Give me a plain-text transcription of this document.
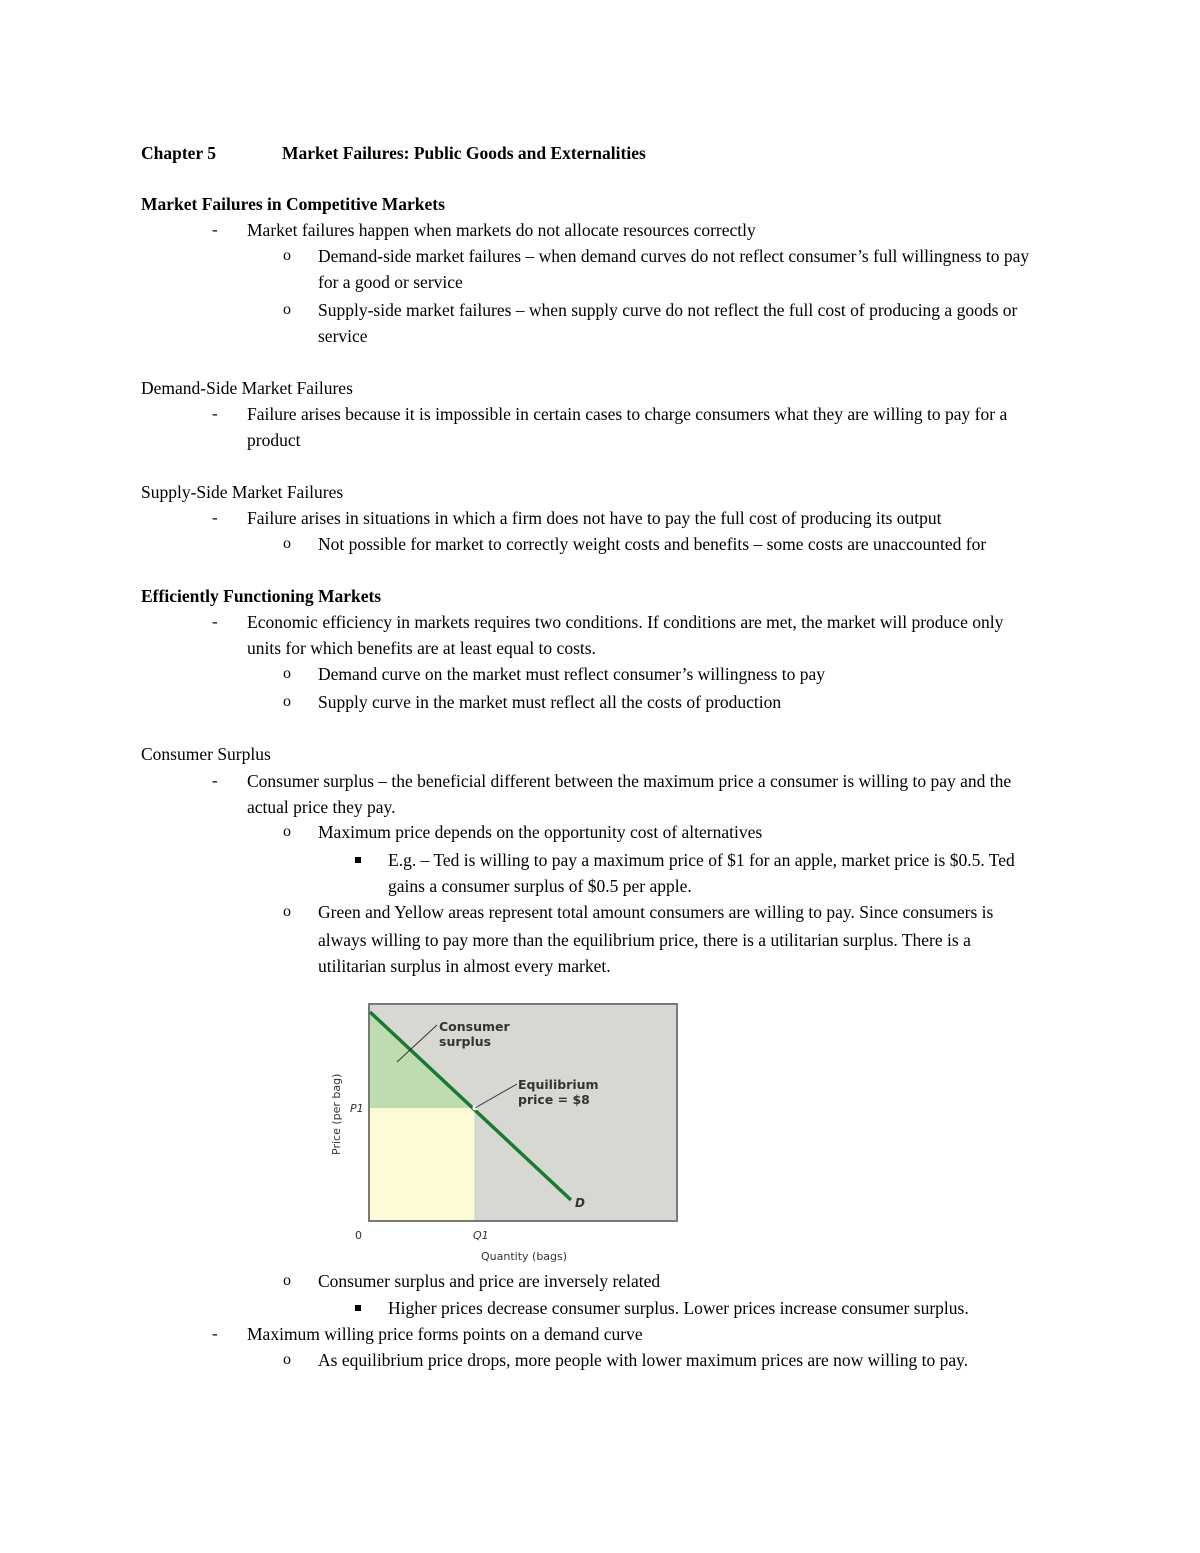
Chapter 5	Market Failures: Public Goods and Externalities
Market Failures in Competitive Markets
- Market failures happen when markets do not allocate resources correctly
o Demand-side market failures – when demand curves do not reflect consumer’s full willingness to pay
for a good or service
o Supply-side market failures – when supply curve do not reflect the full cost of producing a goods or
service
Demand-Side Market Failures
- Failure arises because it is impossible in certain cases to charge consumers what they are willing to pay for a
product
Supply-Side Market Failures
- Failure arises in situations in which a firm does not have to pay the full cost of producing its output
o Not possible for market to correctly weight costs and benefits – some costs are unaccounted for
Efficiently Functioning Markets
- Economic efficiency in markets requires two conditions. If conditions are met, the market will produce only
units for which benefits are at least equal to costs.
o Demand curve on the market must reflect consumer’s willingness to pay
o Supply curve in the market must reflect all the costs of production
Consumer Surplus
- Consumer surplus – the beneficial different between the maximum price a consumer is willing to pay and the
actual price they pay.
o Maximum price depends on the opportunity cost of alternatives
E.g. – Ted is willing to pay a maximum price of $1 for an apple, market price is $0.5. Ted
gains a consumer surplus of $0.5 per apple.
o Green and Yellow areas represent total amount consumers are willing to pay. Since consumers is
always willing to pay more than the equilibrium price, there is a utilitarian surplus. There is a
utilitarian surplus in almost every market.
Consumer
surplus
Equilibrium
price = $8
D
P1
0	Q1
Quantity (bags)
Price (per bag)
o Consumer surplus and price are inversely related
Higher prices decrease consumer surplus. Lower prices increase consumer surplus.
- Maximum willing price forms points on a demand curve
o As equilibrium price drops, more people with lower maximum prices are now willing to pay.
